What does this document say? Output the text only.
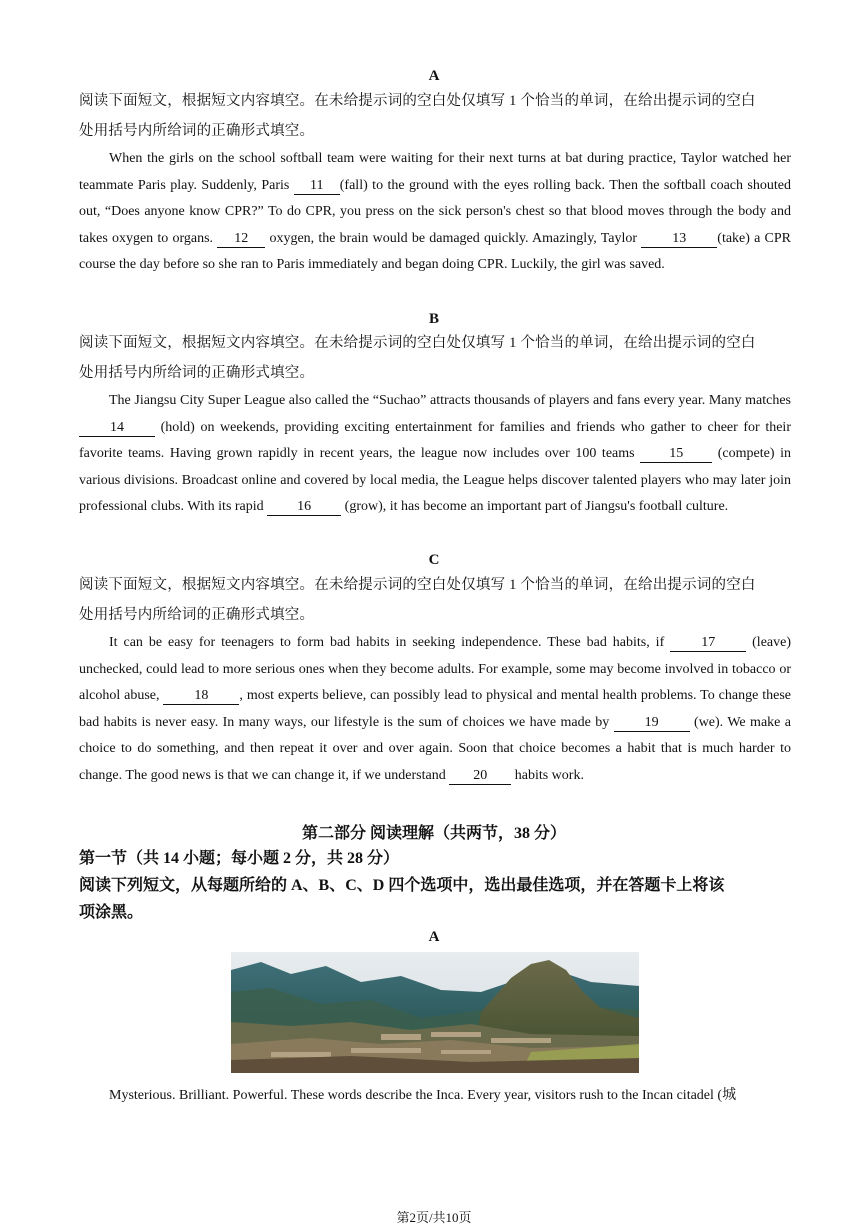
A
阅读下面短文，根据短文内容填空。在未给提示词的空白处仅填写 1 个恰当的单词，在给出提示词的空白
处用括号内所给词的正确形式填空。
When the girls on the school softball team were waiting for their next turns at bat during practice, Taylor watched her teammate Paris play. Suddenly, Paris 11 (fall) to the ground with the eyes rolling back. Then the softball coach shouted out, “Does anyone know CPR?” To do CPR, you press on the sick person's chest so that blood moves through the body and takes oxygen to organs. 12 oxygen, the brain would be damaged quickly. Amazingly, Taylor 13 (take) a CPR course the day before so she ran to Paris immediately and began doing CPR. Luckily, the girl was saved.
B
阅读下面短文，根据短文内容填空。在未给提示词的空白处仅填写 1 个恰当的单词，在给出提示词的空白
处用括号内所给词的正确形式填空。
The Jiangsu City Super League also called the “Suchao” attracts thousands of players and fans every year. Many matches 14 (hold) on weekends, providing exciting entertainment for families and friends who gather to cheer for their favorite teams. Having grown rapidly in recent years, the league now includes over 100 teams 15 (compete) in various divisions. Broadcast online and covered by local media, the League helps discover talented players who may later join professional clubs. With its rapid 16 (grow), it has become an important part of Jiangsu's football culture.
C
阅读下面短文，根据短文内容填空。在未给提示词的空白处仅填写 1 个恰当的单词，在给出提示词的空白
处用括号内所给词的正确形式填空。
It can be easy for teenagers to form bad habits in seeking independence. These bad habits, if 17 (leave) unchecked, could lead to more serious ones when they become adults. For example, some may become involved in tobacco or alcohol abuse, 18 , most experts believe, can possibly lead to physical and mental health problems. To change these bad habits is never easy. In many ways, our lifestyle is the sum of choices we have made by 19 (we). We make a choice to do something, and then repeat it over and over again. Soon that choice becomes a habit that is much harder to change. The good news is that we can change it, if we understand 20 habits work.
第二部分 阅读理解（共两节，38 分）
第一节（共 14 小题；每小题 2 分，共 28 分）
阅读下列短文，从每题所给的 A、B、C、D 四个选项中，选出最佳选项，并在答题卡上将该
项涂黑。
A
Mysterious. Brilliant. Powerful. These words describe the Inca. Every year, visitors rush to the Incan citadel (城
第2页/共10页
